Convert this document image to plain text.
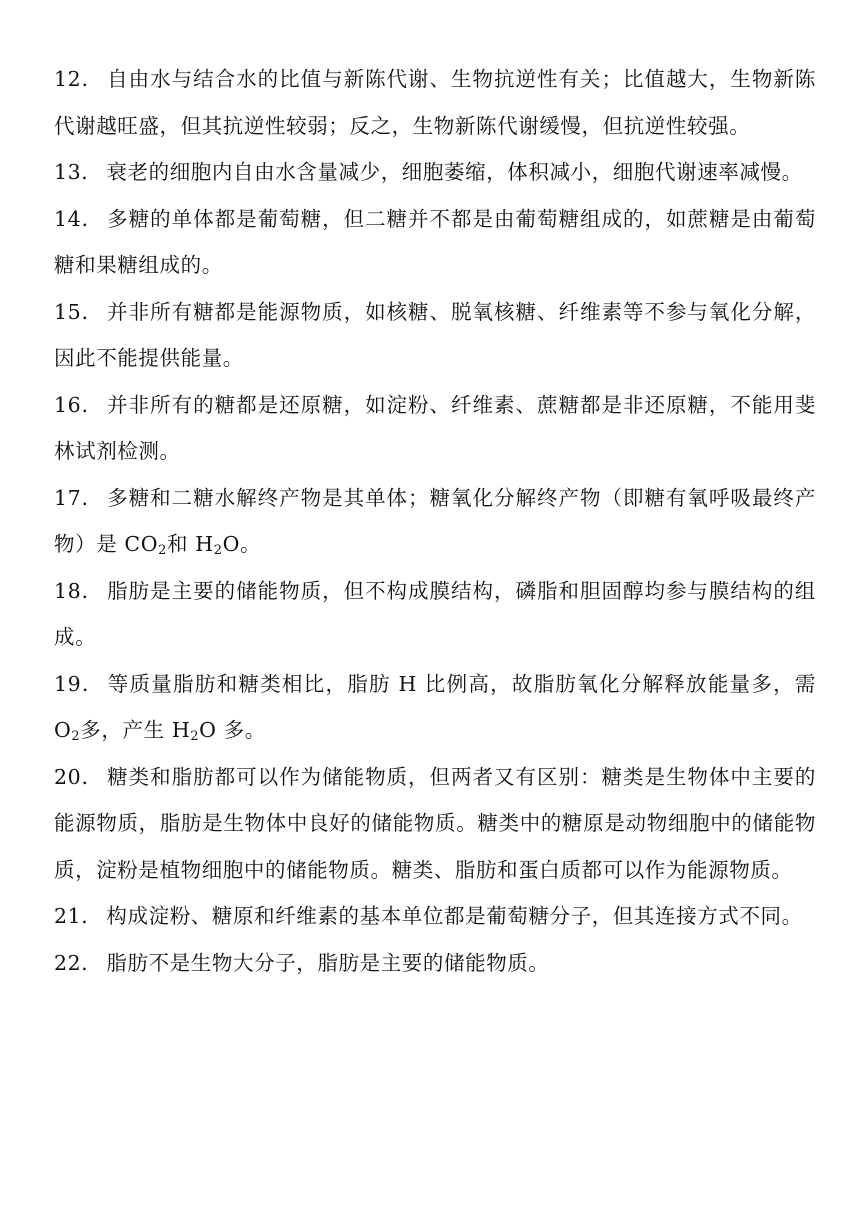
12． 自由水与结合水的比值与新陈代谢、生物抗逆性有关；比值越大，生物新陈代谢越旺盛，但其抗逆性较弱；反之，生物新陈代谢缓慢，但抗逆性较强。

13． 衰老的细胞内自由水含量减少，细胞萎缩，体积减小，细胞代谢速率减慢。

14． 多糖的单体都是葡萄糖，但二糖并不都是由葡萄糖组成的，如蔗糖是由葡萄糖和果糖组成的。

15． 并非所有糖都是能源物质，如核糖、脱氧核糖、纤维素等不参与氧化分解，因此不能提供能量。

16． 并非所有的糖都是还原糖，如淀粉、纤维素、蔗糖都是非还原糖，不能用斐林试剂检测。

17． 多糖和二糖水解终产物是其单体；糖氧化分解终产物（即糖有氧呼吸最终产物）是 $CO_2$和 $H_2O$。

18． 脂肪是主要的储能物质，但不构成膜结构，磷脂和胆固醇均参与膜结构的组成。

19． 等质量脂肪和糖类相比，脂肪 H 比例高，故脂肪氧化分解释放能量多，需 $O_2$多，产生 $H_2O$ 多。

20． 糖类和脂肪都可以作为储能物质，但两者又有区别：糖类是生物体中主要的能源物质，脂肪是生物体中良好的储能物质。糖类中的糖原是动物细胞中的储能物质，淀粉是植物细胞中的储能物质。糖类、脂肪和蛋白质都可以作为能源物质。

21． 构成淀粉、糖原和纤维素的基本单位都是葡萄糖分子，但其连接方式不同。

22． 脂肪不是生物大分子，脂肪是主要的储能物质。
